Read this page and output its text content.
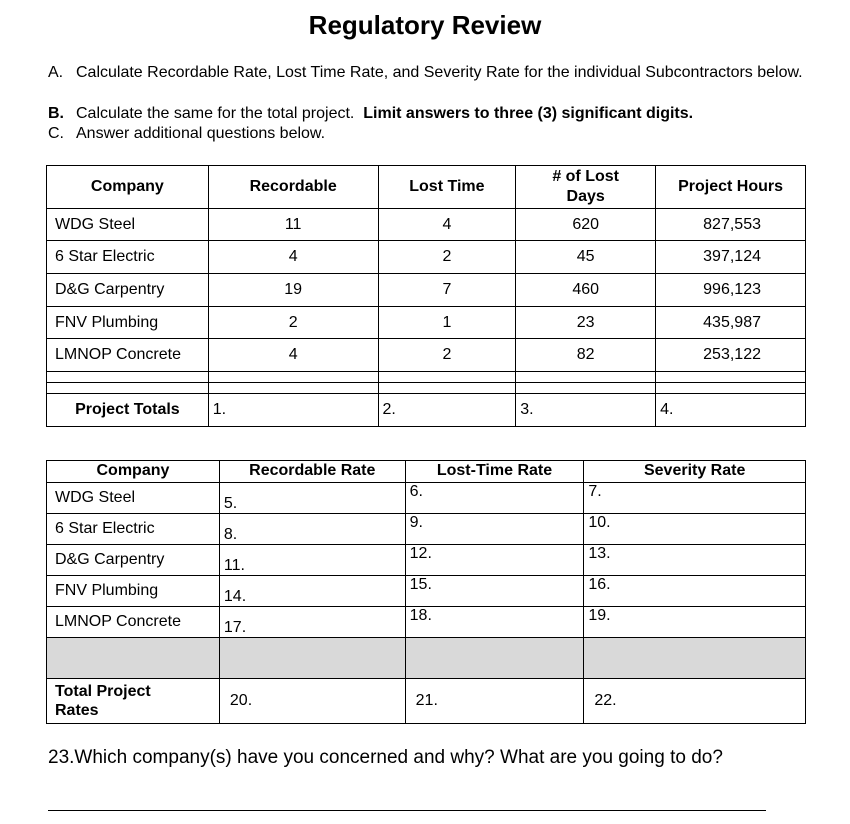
Regulatory Review
A. Calculate Recordable Rate, Lost Time Rate, and Severity Rate for the individual Subcontractors below.
B. Calculate the same for the total project. Limit answers to three (3) significant digits.
C. Answer additional questions below.
Company	Recordable	Lost Time	# of Lost Days	Project Hours
WDG Steel	11	4	620	827,553
6 Star Electric	4	2	45	397,124
D&G Carpentry	19	7	460	996,123
FNV Plumbing	2	1	23	435,987
LMNOP Concrete	4	2	82	253,122

Project Totals	1.	2.	3.	4.
Company	Recordable Rate	Lost-Time Rate	Severity Rate
WDG Steel	5.	6.	7.
6 Star Electric	8.	9.	10.
D&G Carpentry	11.	12.	13.
FNV Plumbing	14.	15.	16.
LMNOP Concrete	17.	18.	19.

Total Project Rates	20.	21.	22.
23.Which company(s) have you concerned and why? What are you going to do?
